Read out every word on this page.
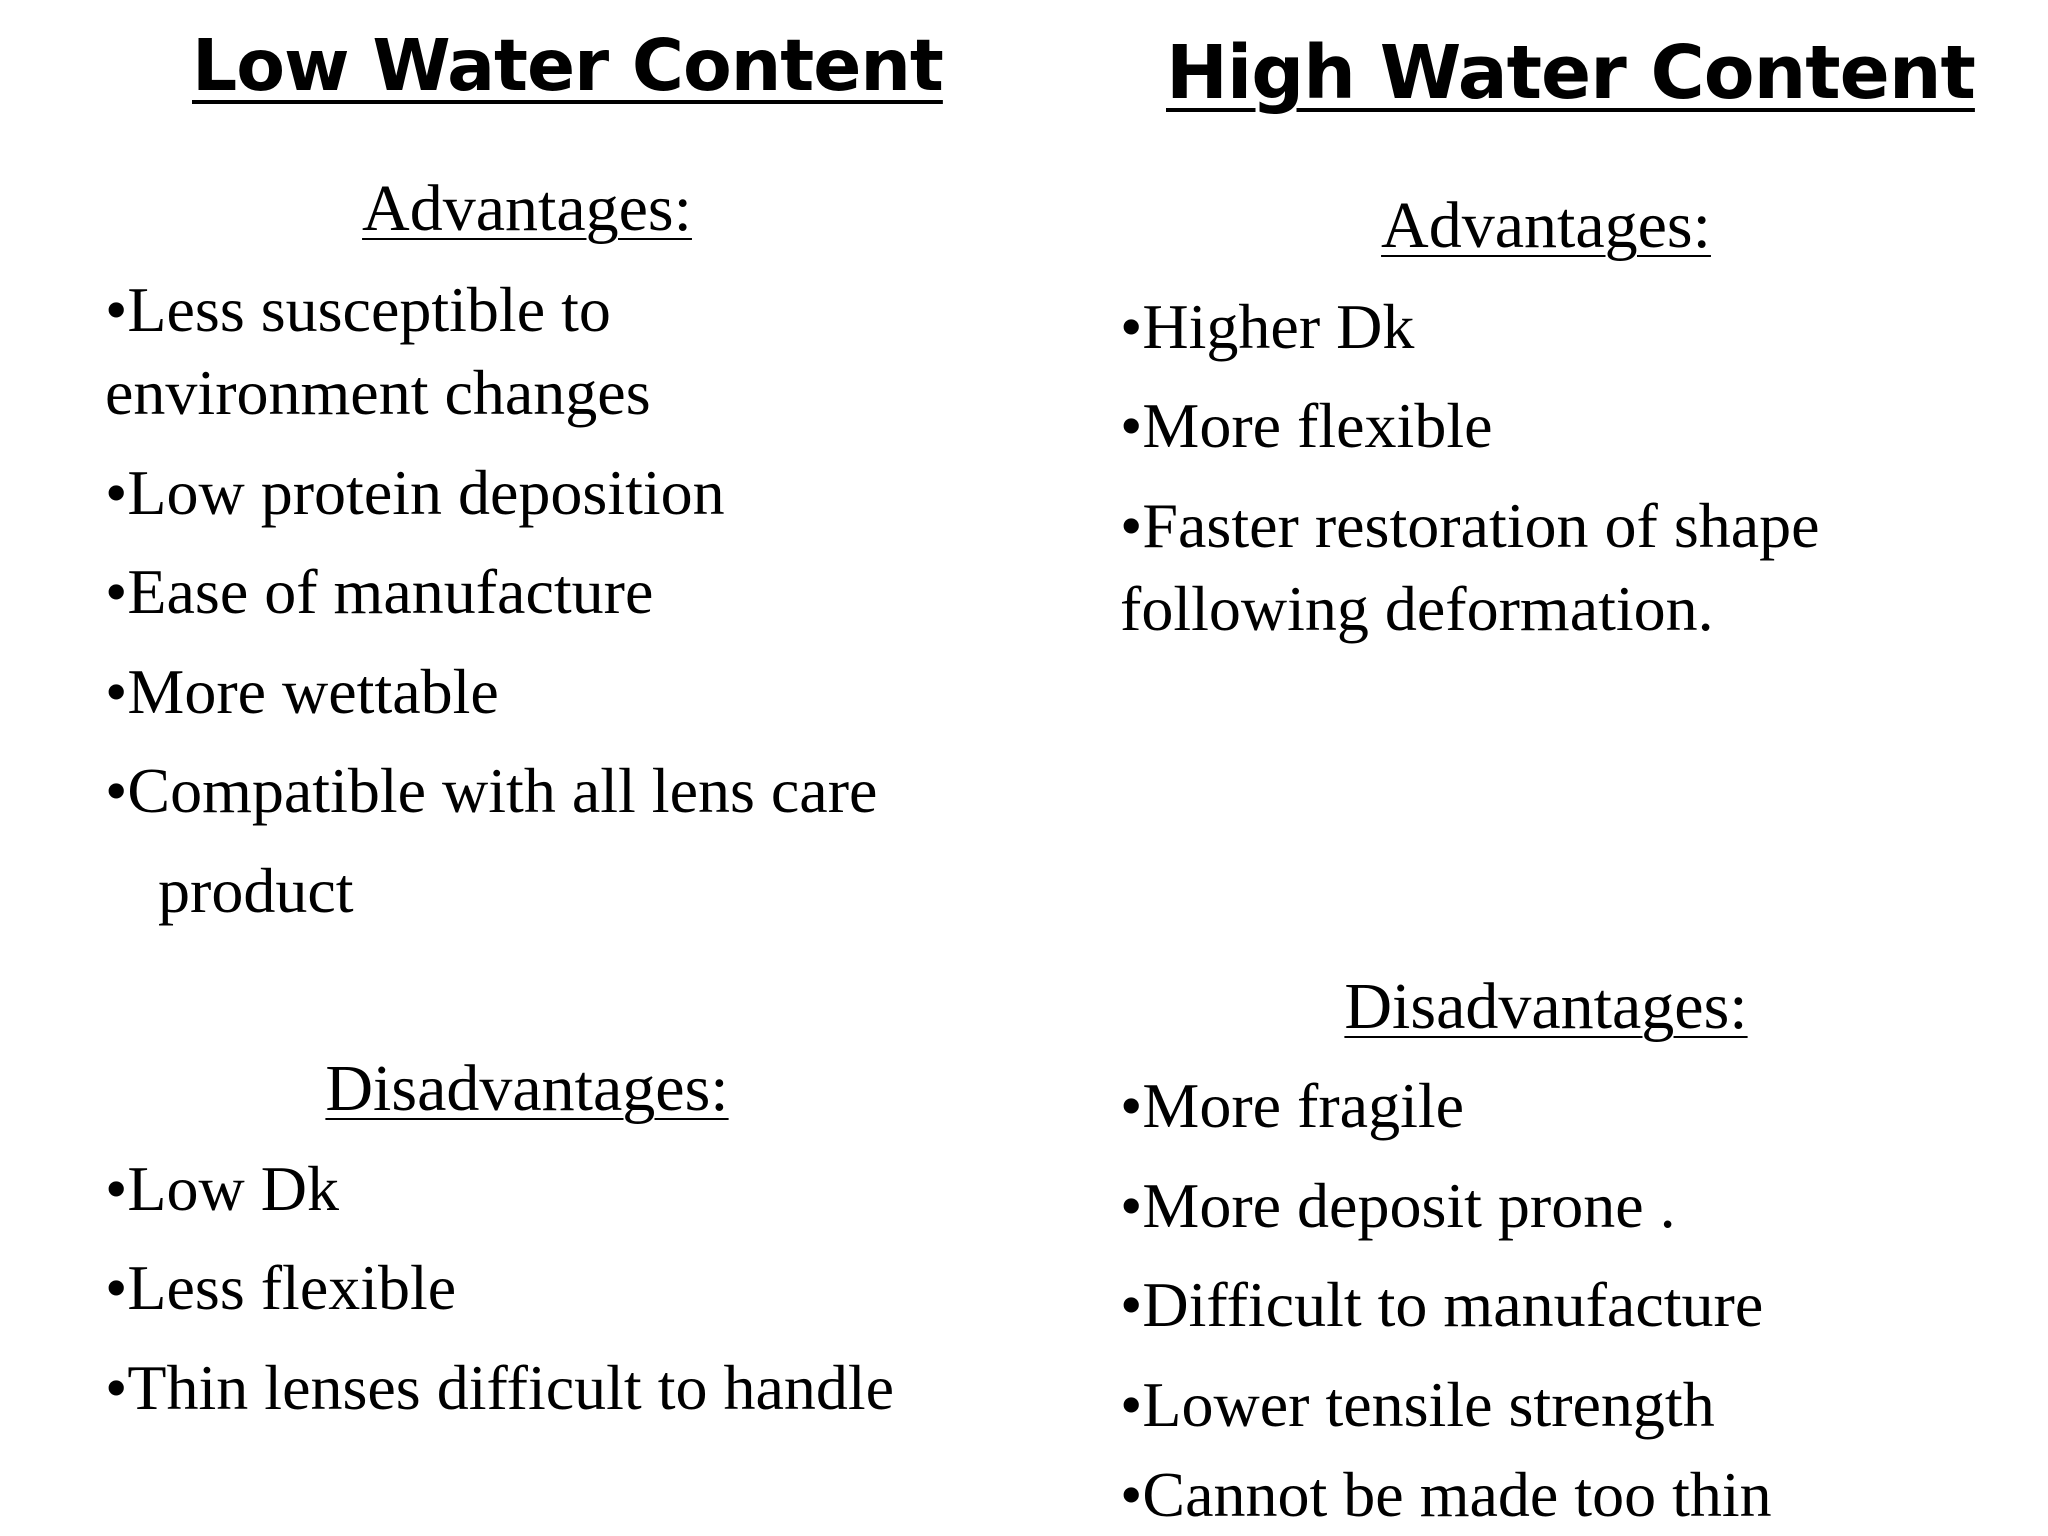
Low Water Content
Advantages:
•Less susceptible to
environment changes
•Low protein deposition
•Ease of manufacture
•More wettable
•Compatible with all lens care
product
Disadvantages:
•Low Dk
•Less flexible
•Thin lenses difficult to handle
High Water Content
Advantages:
•Higher Dk
•More flexible
•Faster restoration of shape
following deformation.
Disadvantages:
•More fragile
•More deposit prone .
•Difficult to manufacture
•Lower tensile strength
•Cannot be made too thin
